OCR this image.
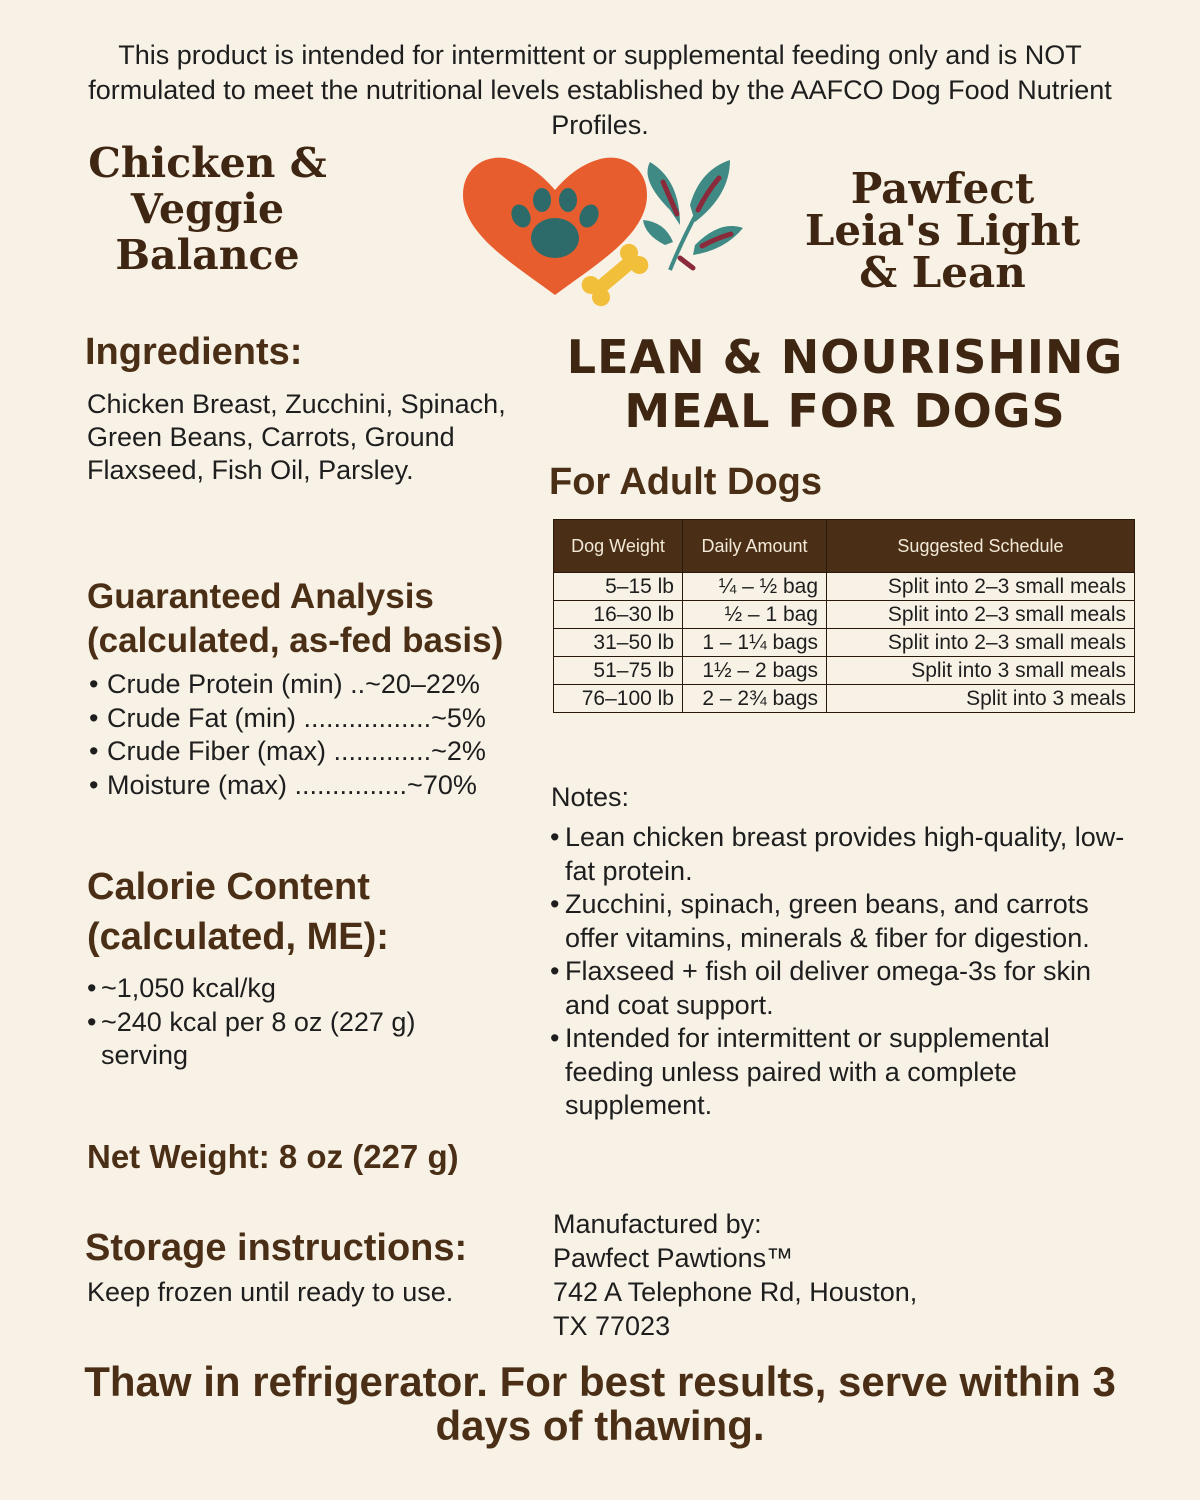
This product is intended for intermittent or supplemental feeding only and is NOT formulated to meet the nutritional levels established by the AAFCO Dog Food Nutrient Profiles.
Chicken & Veggie Balance
Pawfect
Leia's Light
& Lean
Ingredients:
Chicken Breast, Zucchini, Spinach, Green Beans, Carrots, Ground Flaxseed, Fish Oil, Parsley.
Guaranteed Analysis
(calculated, as-fed basis)
• Crude Protein (min) ..~20–22%
• Crude Fat (min) .................~5%
• Crude Fiber (max) .............~2%
• Moisture (max) ...............~70%
Calorie Content
(calculated, ME):
• ~1,050 kcal/kg
• ~240 kcal per 8 oz (227 g) serving
Net Weight: 8 oz (227 g)
Storage instructions:
Keep frozen until ready to use.
LEAN & NOURISHING
MEAL FOR DOGS
For Adult Dogs
Dog Weight	Daily Amount	Suggested Schedule
5–15 lb	¼ – ½ bag	Split into 2–3 small meals
16–30 lb	½ – 1 bag	Split into 2–3 small meals
31–50 lb	1 – 1¼ bags	Split into 2–3 small meals
51–75 lb	1½ – 2 bags	Split into 3 small meals
76–100 lb	2 – 2¾ bags	Split into 3 meals
Notes:
• Lean chicken breast provides high-quality, low-fat protein.
• Zucchini, spinach, green beans, and carrots offer vitamins, minerals & fiber for digestion.
• Flaxseed + fish oil deliver omega-3s for skin and coat support.
• Intended for intermittent or supplemental feeding unless paired with a complete supplement.
Manufactured by:
Pawfect Pawtions™
742 A Telephone Rd, Houston,
TX 77023
Thaw in refrigerator. For best results, serve within 3 days of thawing.
